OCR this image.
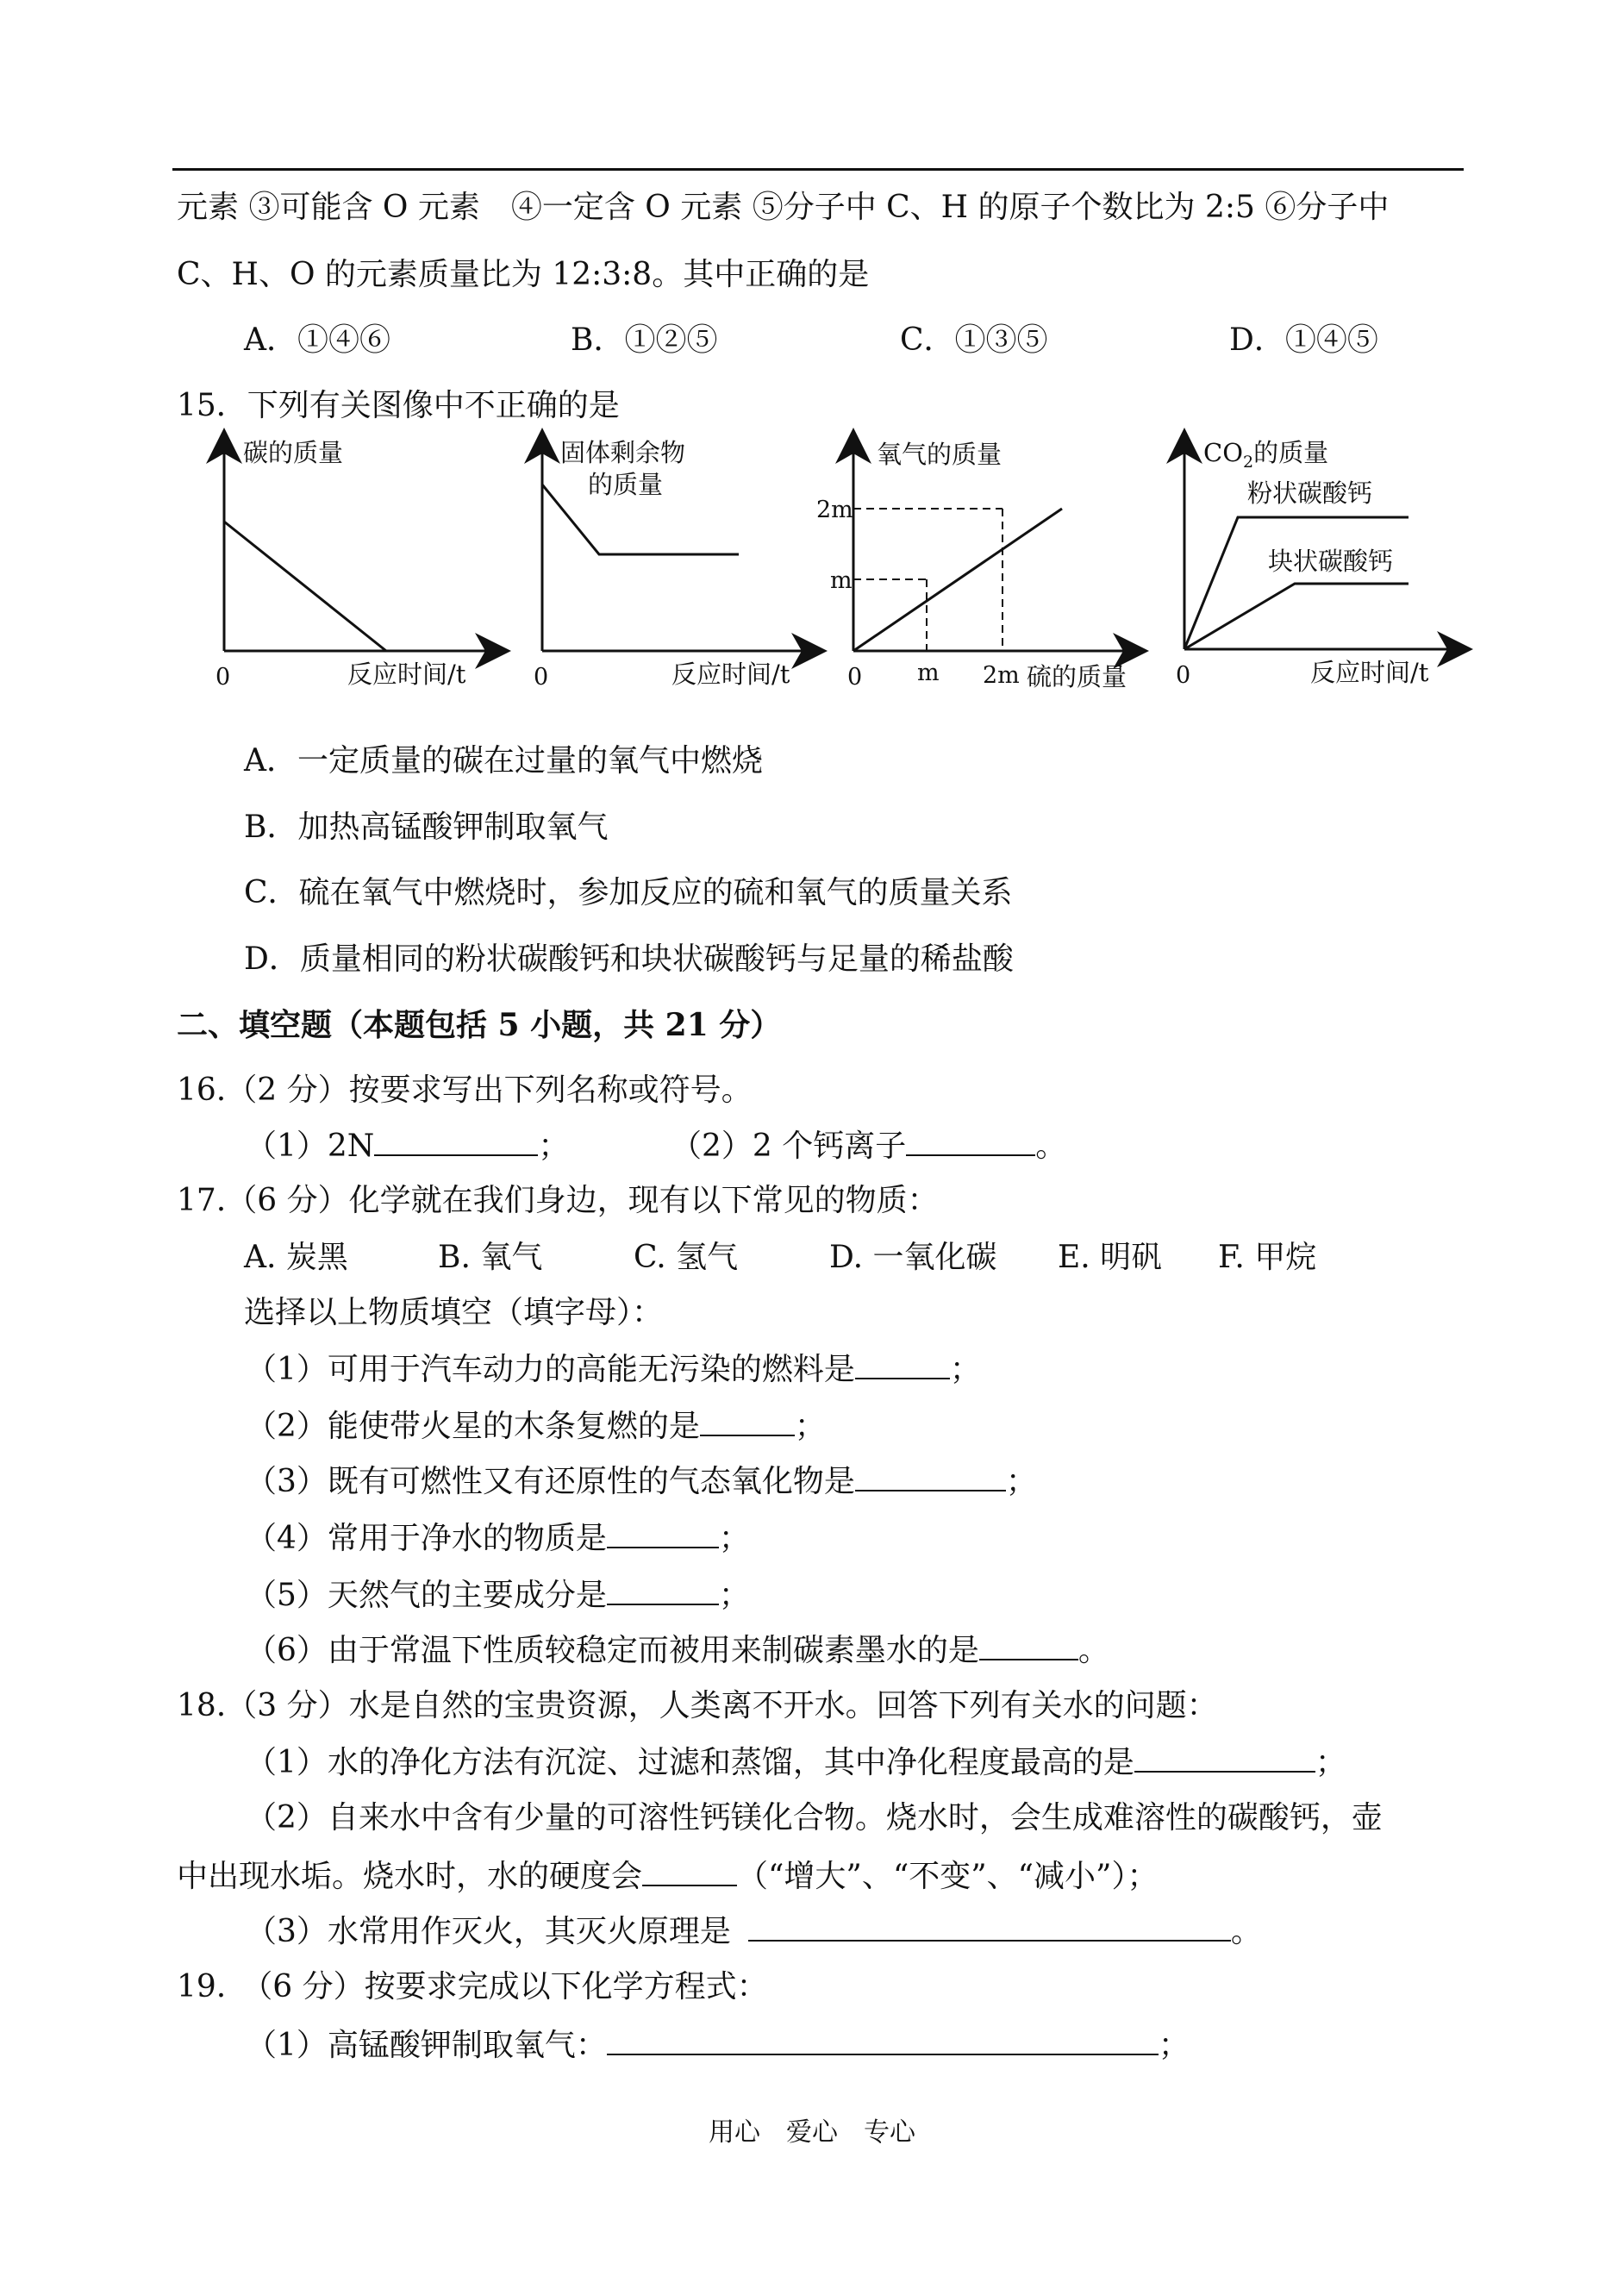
元素 ③可能含 O 元素　④一定含 O 元素 ⑤分子中 C、H 的原子个数比为 2:5 ⑥分子中
C、H、O 的元素质量比为 12:3:8。其中正确的是
A．①④⑥	B．①②⑤	C．①③⑤	D．①④⑤
15．下列有关图像中不正确的是
碳的质量
0	反应时间/t
固体剩余物
的质量
0	反应时间/t
氧气的质量
2m
m
0 m 2m 硫的质量
$CO_2$的质量
粉状碳酸钙
块状碳酸钙
0	反应时间/t
A．一定质量的碳在过量的氧气中燃烧
B．加热高锰酸钾制取氧气
C．硫在氧气中燃烧时，参加反应的硫和氧气的质量关系
D．质量相同的粉状碳酸钙和块状碳酸钙与足量的稀盐酸
二、填空题（本题包括 5 小题，共 21 分）
16.（2 分）按要求写出下列名称或符号。
（1）2N	；	（2）2 个钙离子	。
17.（6 分）化学就在我们身边，现有以下常见的物质：
A. 炭黑	B. 氧气	C. 氢气	D. 一氧化碳 E. 明矾 F. 甲烷
选择以上物质填空（填字母）：
（1）可用于汽车动力的高能无污染的燃料是	；
（2）能使带火星的木条复燃的是	；
（3）既有可燃性又有还原性的气态氧化物是	；
（4）常用于净水的物质是	；
（5）天然气的主要成分是	；
（6）由于常温下性质较稳定而被用来制碳素墨水的是	。
18.（3 分）水是自然的宝贵资源，人类离不开水。回答下列有关水的问题：
（1）水的净化方法有沉淀、过滤和蒸馏，其中净化程度最高的是	；
（2）自来水中含有少量的可溶性钙镁化合物。烧水时，会生成难溶性的碳酸钙，壶
中出现水垢。烧水时，水的硬度会	（“增大”、“不变”、“减小”）；
（3）水常用作灭火，其灭火原理是	。
19.　（6 分）按要求完成以下化学方程式：
（1）高锰酸钾制取氧气：	；
用心　爱心　专心
